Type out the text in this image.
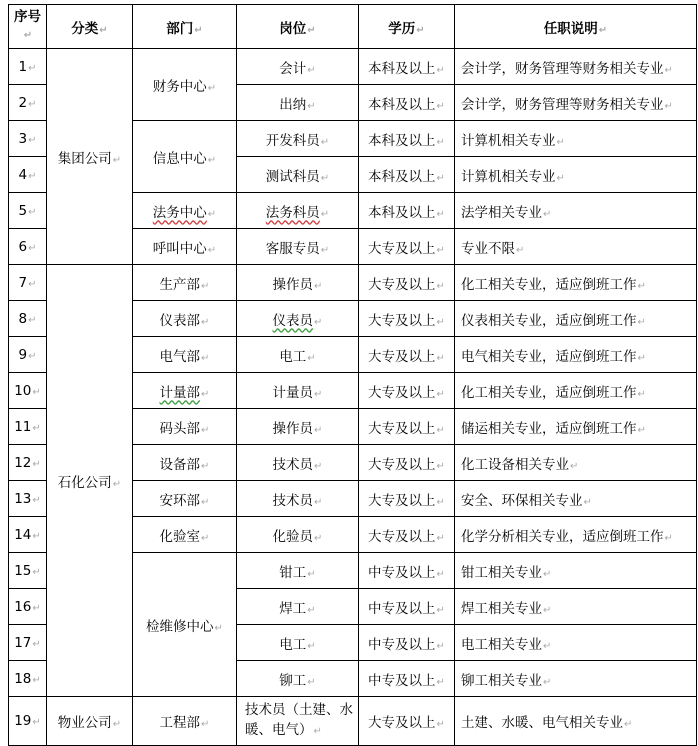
序号↵	分类↵	部门↵	岗位↵	学历↵	任职说明↵
1↵	集团公司↵	财务中心↵	会计↵	本科及以上↵	会计学，财务管理等财务相关专业↵
2↵			出纳↵	本科及以上↵	会计学，财务管理等财务相关专业↵
3↵		信息中心↵	开发科员↵	本科及以上↵	计算机相关专业↵
4↵			测试科员↵	本科及以上↵	计算机相关专业↵
5↵		法务中心↵	法务科员↵	本科及以上↵	法学相关专业↵
6↵		呼叫中心↵	客服专员↵	大专及以上↵	专业不限↵
7↵	石化公司↵	生产部↵	操作员↵	大专及以上↵	化工相关专业，适应倒班工作↵
8↵		仪表部↵	仪表员↵	大专及以上↵	仪表相关专业，适应倒班工作↵
9↵		电气部↵	电工↵	大专及以上↵	电气相关专业，适应倒班工作↵
10↵		计量部↵	计量员↵	大专及以上↵	化工相关专业，适应倒班工作↵
11↵		码头部↵	操作员↵	大专及以上↵	储运相关专业，适应倒班工作↵
12↵		设备部↵	技术员↵	大专及以上↵	化工设备相关专业↵
13↵		安环部↵	技术员↵	大专及以上↵	安全、环保相关专业↵
14↵		化验室↵	化验员↵	大专及以上↵	化学分析相关专业，适应倒班工作↵
15↵		检维修中心↵	钳工↵	中专及以上↵	钳工相关专业↵
16↵			焊工↵	中专及以上↵	焊工相关专业↵
17↵			电工↵	中专及以上↵	电工相关专业↵
18↵			铆工↵	中专及以上↵	铆工相关专业↵
19↵	物业公司↵	工程部↵	技术员（土建、水暖、电气）↵	大专及以上↵	土建、水暖、电气相关专业↵
